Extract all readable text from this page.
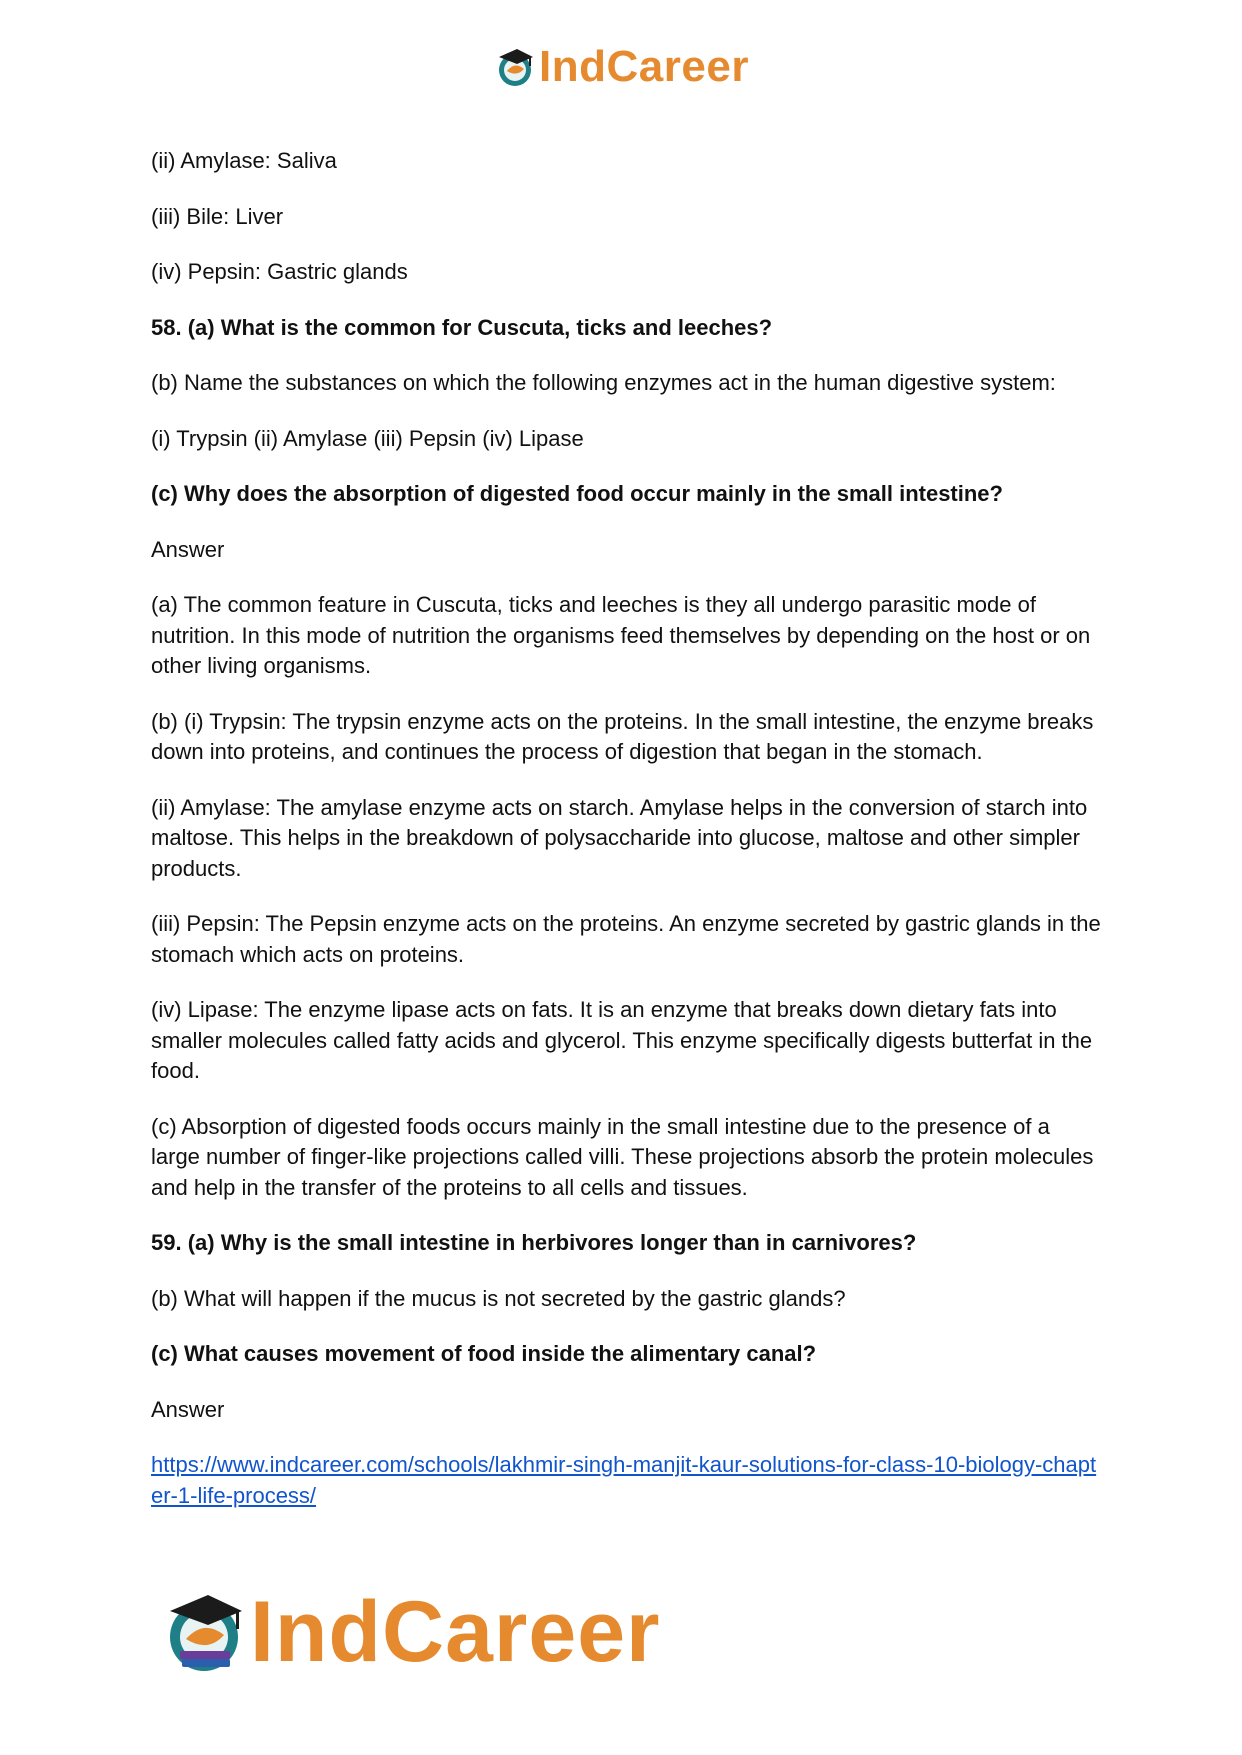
IndCareer

(ii) Amylase: Saliva

(iii) Bile: Liver

(iv) Pepsin: Gastric glands

58. (a) What is the common for Cuscuta, ticks and leeches?

(b) Name the substances on which the following enzymes act in the human digestive system:

(i) Trypsin (ii) Amylase (iii) Pepsin (iv) Lipase

(c) Why does the absorption of digested food occur mainly in the small intestine?

Answer

(a) The common feature in Cuscuta, ticks and leeches is they all undergo parasitic mode of nutrition. In this mode of nutrition the organisms feed themselves by depending on the host or on other living organisms.

(b) (i) Trypsin: The trypsin enzyme acts on the proteins. In the small intestine, the enzyme breaks down into proteins, and continues the process of digestion that began in the stomach.

(ii) Amylase: The amylase enzyme acts on starch. Amylase helps in the conversion of starch into maltose. This helps in the breakdown of polysaccharide into glucose, maltose and other simpler products.

(iii) Pepsin: The Pepsin enzyme acts on the proteins. An enzyme secreted by gastric glands in the stomach which acts on proteins.

(iv) Lipase: The enzyme lipase acts on fats. It is an enzyme that breaks down dietary fats into smaller molecules called fatty acids and glycerol. This enzyme specifically digests butterfat in the food.

(c) Absorption of digested foods occurs mainly in the small intestine due to the presence of a large number of finger-like projections called villi. These projections absorb the protein molecules and help in the transfer of the proteins to all cells and tissues.

59. (a) Why is the small intestine in herbivores longer than in carnivores?

(b) What will happen if the mucus is not secreted by the gastric glands?

(c) What causes movement of food inside the alimentary canal?

Answer

https://www.indcareer.com/schools/lakhmir-singh-manjit-kaur-solutions-for-class-10-biology-chapter-1-life-process/

IndCareer
